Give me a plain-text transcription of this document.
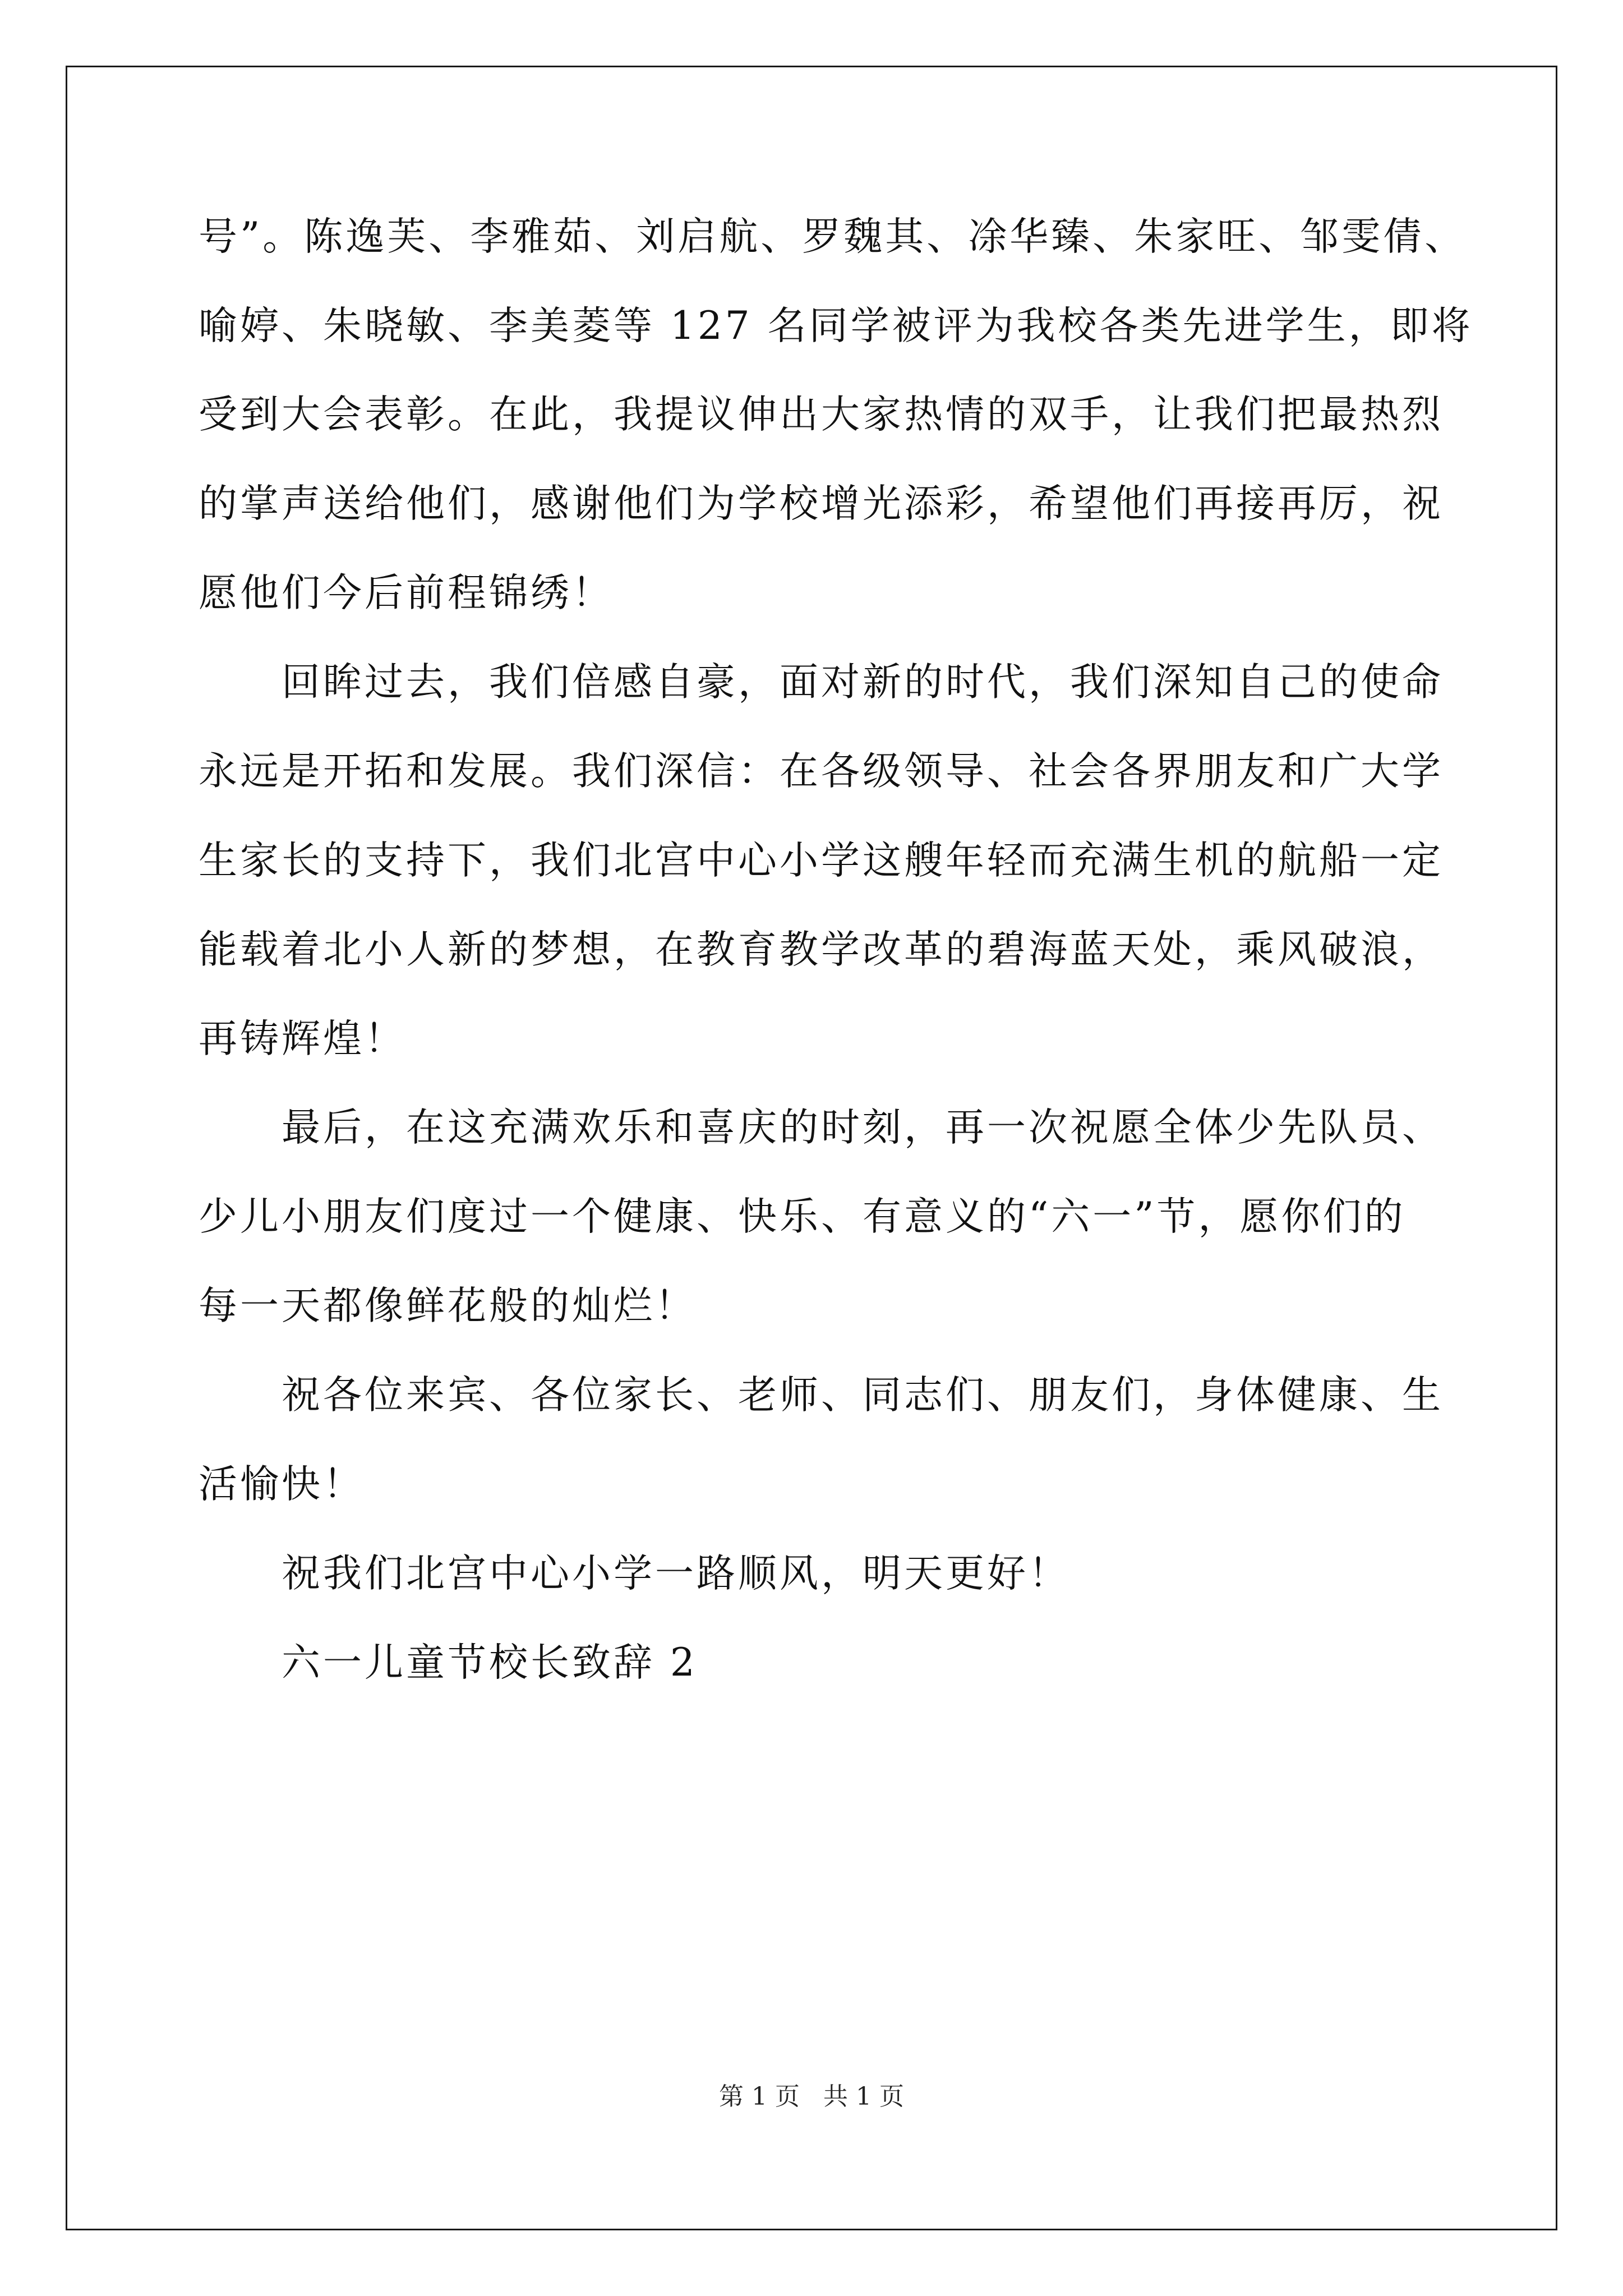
号”。陈逸芙、李雅茹、刘启航、罗魏其、凃华臻、朱家旺、邹雯倩、
喻婷、朱晓敏、李美菱等 127 名同学被评为我校各类先进学生，即将
受到大会表彰。在此，我提议伸出大家热情的双手，让我们把最热烈
的掌声送给他们，感谢他们为学校增光添彩，希望他们再接再厉，祝
愿他们今后前程锦绣！
回眸过去，我们倍感自豪，面对新的时代，我们深知自己的使命
永远是开拓和发展。我们深信：在各级领导、社会各界朋友和广大学
生家长的支持下，我们北宫中心小学这艘年轻而充满生机的航船一定
能载着北小人新的梦想，在教育教学改革的碧海蓝天处，乘风破浪，
再铸辉煌！
最后，在这充满欢乐和喜庆的时刻，再一次祝愿全体少先队员、
少儿小朋友们度过一个健康、快乐、有意义的“六一”节，愿你们的
每一天都像鲜花般的灿烂！
祝各位来宾、各位家长、老师、同志们、朋友们，身体健康、生
活愉快！
祝我们北宫中心小学一路顺风，明天更好！
六一儿童节校长致辞 2
第 1 页 共 1 页
